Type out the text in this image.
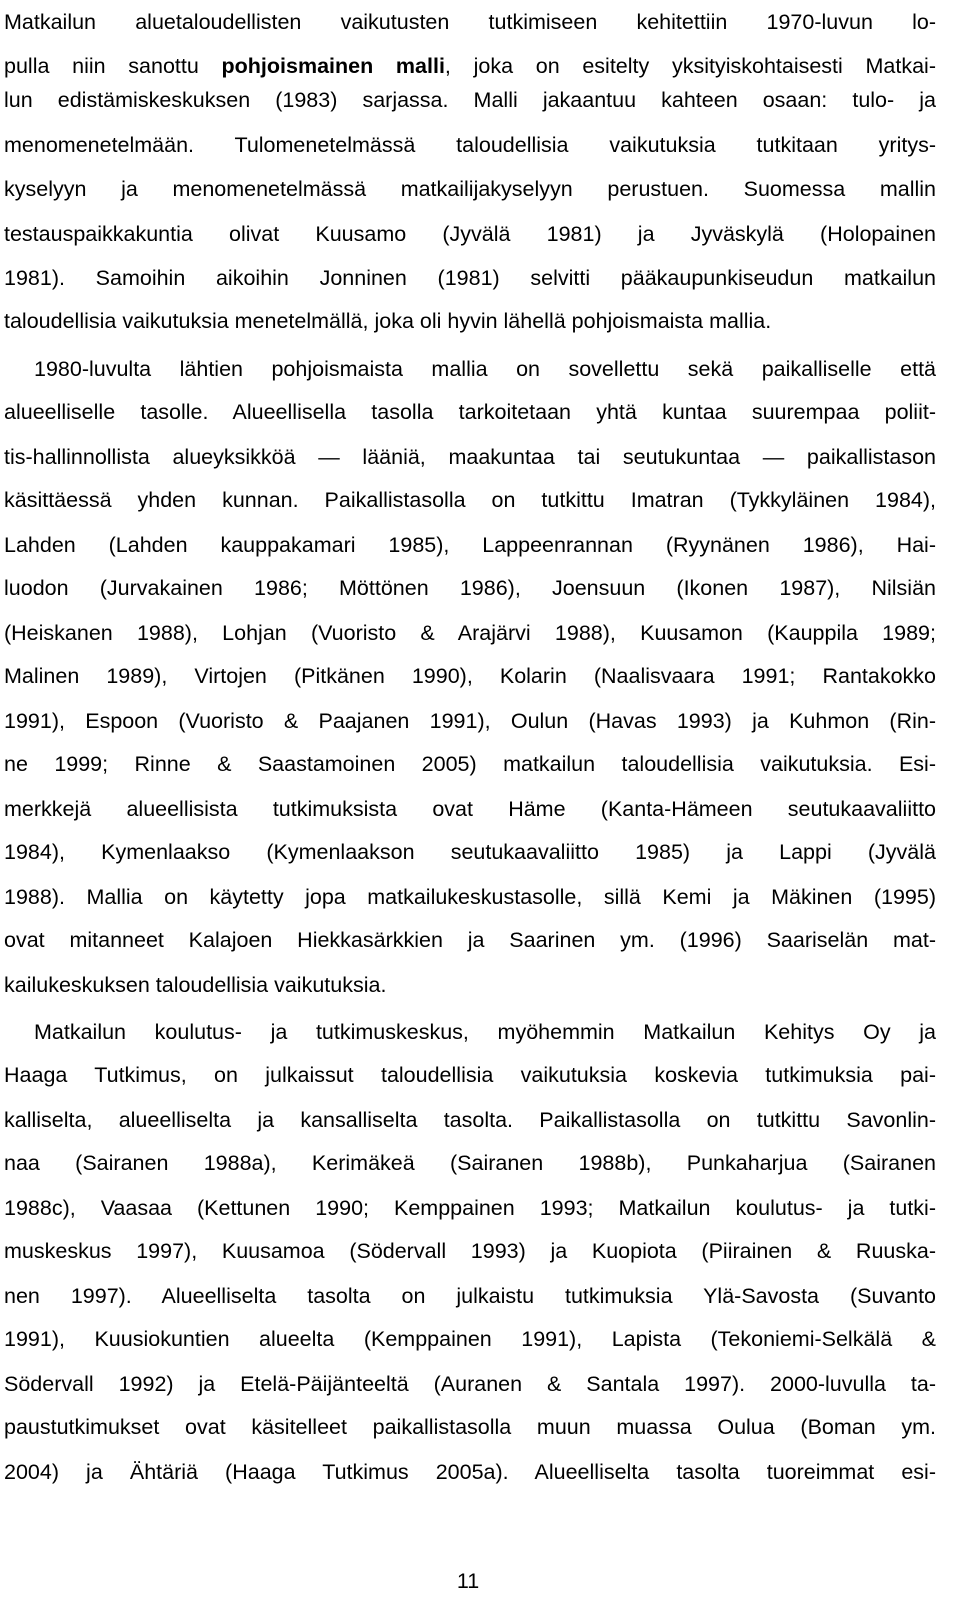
Matkailun aluetaloudellisten vaikutusten tutkimiseen kehitettiin 1970-luvun lo-
pulla niin sanottu pohjoismainen malli, joka on esitelty yksityiskohtaisesti Matkai-
lun edistämiskeskuksen (1983) sarjassa. Malli jakaantuu kahteen osaan: tulo- ja
menomenetelmään. Tulomenetelmässä taloudellisia vaikutuksia tutkitaan yritys-
kyselyyn ja menomenetelmässä matkailijakyselyyn perustuen. Suomessa mallin
testauspaikkakuntia olivat Kuusamo (Jyvälä 1981) ja Jyväskylä (Holopainen
1981). Samoihin aikoihin Jonninen (1981) selvitti pääkaupunkiseudun matkailun
taloudellisia vaikutuksia menetelmällä, joka oli hyvin lähellä pohjoismaista mallia.
1980-luvulta lähtien pohjoismaista mallia on sovellettu sekä paikalliselle että
alueelliselle tasolle. Alueellisella tasolla tarkoitetaan yhtä kuntaa suurempaa poliit-
tis-hallinnollista alueyksikköä — lääniä, maakuntaa tai seutukuntaa — paikallistason
käsittäessä yhden kunnan. Paikallistasolla on tutkittu Imatran (Tykkyläinen 1984),
Lahden (Lahden kauppakamari 1985), Lappeenrannan (Ryynänen 1986), Hai-
luodon (Jurvakainen 1986; Möttönen 1986), Joensuun (Ikonen 1987), Nilsiän
(Heiskanen 1988), Lohjan (Vuoristo & Arajärvi 1988), Kuusamon (Kauppila 1989;
Malinen 1989), Virtojen (Pitkänen 1990), Kolarin (Naalisvaara 1991; Rantakokko
1991), Espoon (Vuoristo & Paajanen 1991), Oulun (Havas 1993) ja Kuhmon (Rin-
ne 1999; Rinne & Saastamoinen 2005) matkailun taloudellisia vaikutuksia. Esi-
merkkejä alueellisista tutkimuksista ovat Häme (Kanta-Hämeen seutukaavaliitto
1984), Kymenlaakso (Kymenlaakson seutukaavaliitto 1985) ja Lappi (Jyvälä
1988). Mallia on käytetty jopa matkailukeskustasolle, sillä Kemi ja Mäkinen (1995)
ovat mitanneet Kalajoen Hiekkasärkkien ja Saarinen ym. (1996) Saariselän mat-
kailukeskuksen taloudellisia vaikutuksia.
Matkailun koulutus- ja tutkimuskeskus, myöhemmin Matkailun Kehitys Oy ja
Haaga Tutkimus, on julkaissut taloudellisia vaikutuksia koskevia tutkimuksia pai-
kalliselta, alueelliselta ja kansalliselta tasolta. Paikallistasolla on tutkittu Savonlin-
naa (Sairanen 1988a), Kerimäkeä (Sairanen 1988b), Punkaharjua (Sairanen
1988c), Vaasaa (Kettunen 1990; Kemppainen 1993; Matkailun koulutus- ja tutki-
muskeskus 1997), Kuusamoa (Södervall 1993) ja Kuopiota (Piirainen & Ruuska-
nen 1997). Alueelliselta tasolta on julkaistu tutkimuksia Ylä-Savosta (Suvanto
1991), Kuusiokuntien alueelta (Kemppainen 1991), Lapista (Tekoniemi-Selkälä &
Södervall 1992) ja Etelä-Päijänteeltä (Auranen & Santala 1997). 2000-luvulla ta-
paustutkimukset ovat käsitelleet paikallistasolla muun muassa Oulua (Boman ym.
2004) ja Ähtäriä (Haaga Tutkimus 2005a). Alueelliselta tasolta tuoreimmat esi-
11
